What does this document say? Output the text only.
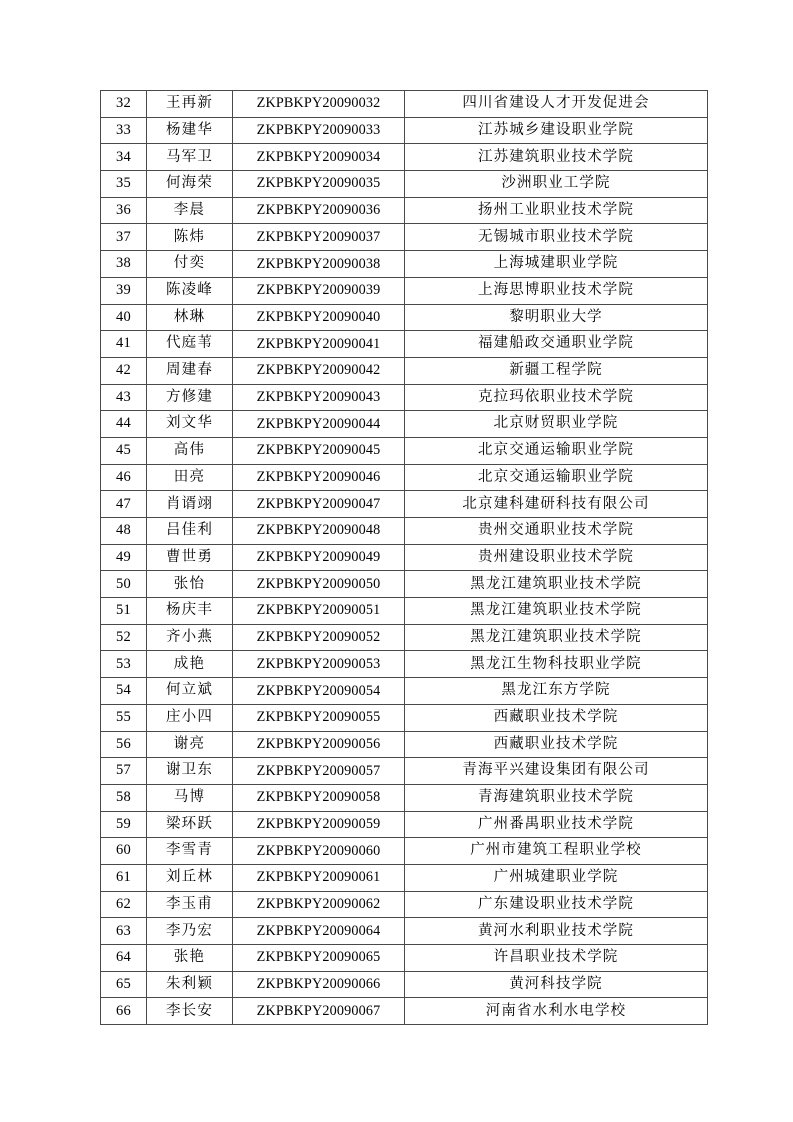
32	王再新	ZKPBKPY20090032	四川省建设人才开发促进会
33	杨建华	ZKPBKPY20090033	江苏城乡建设职业学院
34	马军卫	ZKPBKPY20090034	江苏建筑职业技术学院
35	何海荣	ZKPBKPY20090035	沙洲职业工学院
36	李晨	ZKPBKPY20090036	扬州工业职业技术学院
37	陈炜	ZKPBKPY20090037	无锡城市职业技术学院
38	付奕	ZKPBKPY20090038	上海城建职业学院
39	陈凌峰	ZKPBKPY20090039	上海思博职业技术学院
40	林琳	ZKPBKPY20090040	黎明职业大学
41	代庭苇	ZKPBKPY20090041	福建船政交通职业学院
42	周建春	ZKPBKPY20090042	新疆工程学院
43	方修建	ZKPBKPY20090043	克拉玛依职业技术学院
44	刘文华	ZKPBKPY20090044	北京财贸职业学院
45	高伟	ZKPBKPY20090045	北京交通运输职业学院
46	田亮	ZKPBKPY20090046	北京交通运输职业学院
47	肖谞翊	ZKPBKPY20090047	北京建科建研科技有限公司
48	吕佳利	ZKPBKPY20090048	贵州交通职业技术学院
49	曹世勇	ZKPBKPY20090049	贵州建设职业技术学院
50	张怡	ZKPBKPY20090050	黑龙江建筑职业技术学院
51	杨庆丰	ZKPBKPY20090051	黑龙江建筑职业技术学院
52	齐小燕	ZKPBKPY20090052	黑龙江建筑职业技术学院
53	成艳	ZKPBKPY20090053	黑龙江生物科技职业学院
54	何立斌	ZKPBKPY20090054	黑龙江东方学院
55	庄小四	ZKPBKPY20090055	西藏职业技术学院
56	谢亮	ZKPBKPY20090056	西藏职业技术学院
57	谢卫东	ZKPBKPY20090057	青海平兴建设集团有限公司
58	马博	ZKPBKPY20090058	青海建筑职业技术学院
59	梁环跃	ZKPBKPY20090059	广州番禺职业技术学院
60	李雪青	ZKPBKPY20090060	广州市建筑工程职业学校
61	刘丘林	ZKPBKPY20090061	广州城建职业学院
62	李玉甫	ZKPBKPY20090062	广东建设职业技术学院
63	李乃宏	ZKPBKPY20090064	黄河水利职业技术学院
64	张艳	ZKPBKPY20090065	许昌职业技术学院
65	朱利颖	ZKPBKPY20090066	黄河科技学院
66	李长安	ZKPBKPY20090067	河南省水利水电学校
